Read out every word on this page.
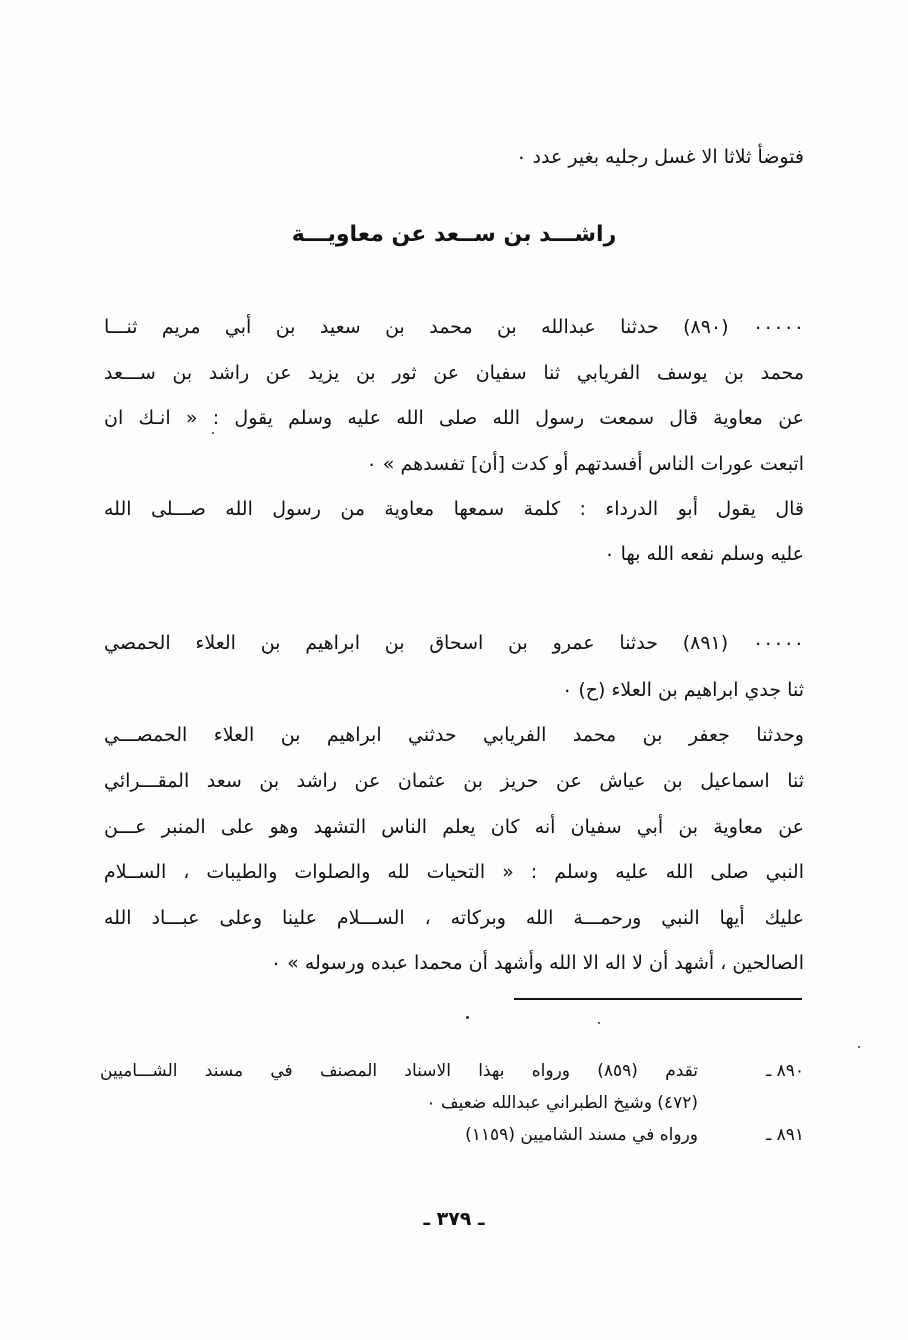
فتوضأ ثلاثا الا غسل رجليه بغير عدد ٠
راشـــد بن ســعد عن معاويـــة
٠٠٠٠٠ (٨٩٠) حدثنا عبدالله بن محمد بن سعيد بن أبي مريم ثنـــا
محمد بن يوسف الفريابي ثنا سفيان عن ثور بن يزيد عن راشد بن ســـعد
عن معاوية قال سمعت رسول الله صلى الله عليه وسلم يقول : « انـك ان
اتبعت عورات الناس أفسدتهم أو كدت [أن] تفسدهم » ٠
قال يقول أبو الدرداء : كلمة سمعها معاوية من رسول الله صـــلى الله
عليه وسلم نفعه الله بها ٠
٠٠٠٠٠ (٨٩١) حدثنا عمرو بن اسحاق بن ابراهيم بن العلاء الحمصي
ثنا جدي ابراهيم بن العلاء (ح) ٠
وحدثنا جعفر بن محمد الفريابي حدثني ابراهيم بن العلاء الحمصـــي
ثنا اسماعيل بن عياش عن حريز بن عثمان عن راشد بن سعد المقـــرائي
عن معاوية بن أبي سفيان أنه كان يعلم الناس التشهد وهو على المنبر عـــن
النبي صلى الله عليه وسلم : « التحيات لله والصلوات والطيبات ، الســلام
عليك أيها النبي ورحمـــة الله وبركاته ، الســـلام علينا وعلى عبـــاد الله
الصالحين ، أشهد أن لا اله الا الله وأشهد أن محمدا عبده ورسوله » ٠
٨٩٠ ـ
تقدم (٨٥٩) ورواه بهذا الاسناد المصنف في مسند الشـــاميين
(٤٧٢) وشيخ الطبراني عبدالله ضعيف ٠
٨٩١ ـ
ورواه في مسند الشاميين (١١٥٩)
ـ ٣٧٩ ـ
